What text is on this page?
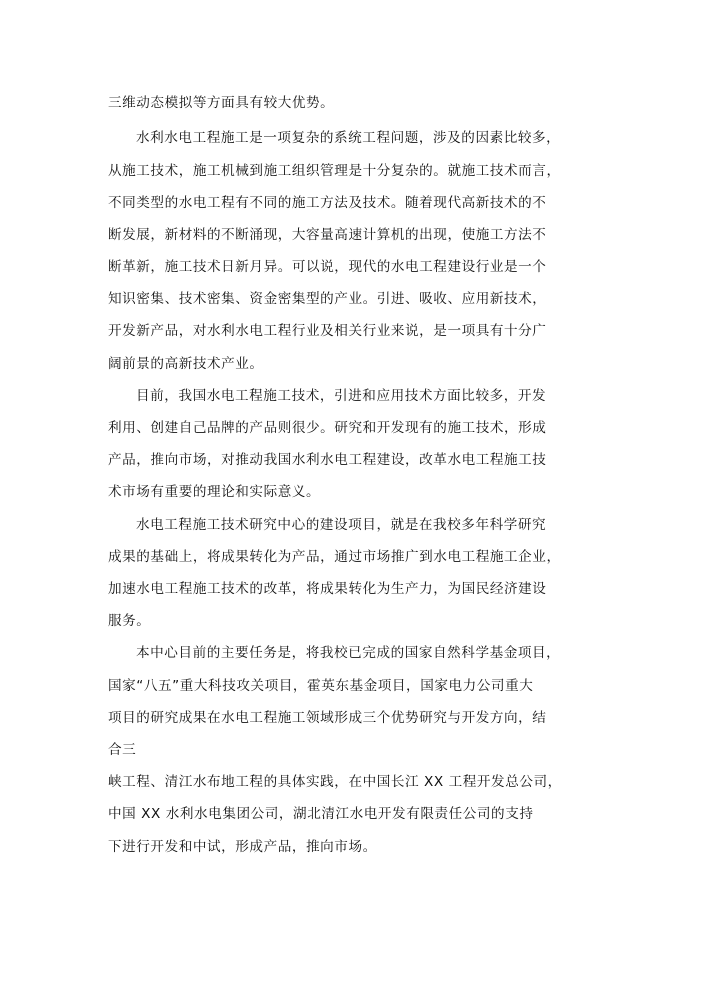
三维动态模拟等方面具有较大优势。
水利水电工程施工是一项复杂的系统工程问题，涉及的因素比较多，
从施工技术，施工机械到施工组织管理是十分复杂的。就施工技术而言，
不同类型的水电工程有不同的施工方法及技术。随着现代高新技术的不
断发展，新材料的不断涌现，大容量高速计算机的出现，使施工方法不
断革新，施工技术日新月异。可以说，现代的水电工程建设行业是一个
知识密集、技术密集、资金密集型的产业。引进、吸收、应用新技术，
开发新产品，对水利水电工程行业及相关行业来说，是一项具有十分广
阔前景的高新技术产业。
目前，我国水电工程施工技术，引进和应用技术方面比较多，开发
利用、创建自己品牌的产品则很少。研究和开发现有的施工技术，形成
产品，推向市场，对推动我国水利水电工程建设，改革水电工程施工技
术市场有重要的理论和实际意义。
水电工程施工技术研究中心的建设项目，就是在我校多年科学研究
成果的基础上，将成果转化为产品，通过市场推广到水电工程施工企业，
加速水电工程施工技术的改革，将成果转化为生产力，为国民经济建设
服务。
本中心目前的主要任务是，将我校已完成的国家自然科学基金项目，
国家“八五”重大科技攻关项目，霍英东基金项目，国家电力公司重大
项目的研究成果在水电工程施工领域形成三个优势研究与开发方向，结
合三
峡工程、清江水布地工程的具体实践，在中国长江 XX 工程开发总公司，
中国 XX 水利水电集团公司，湖北清江水电开发有限责任公司的支持
下进行开发和中试，形成产品，推向市场。
